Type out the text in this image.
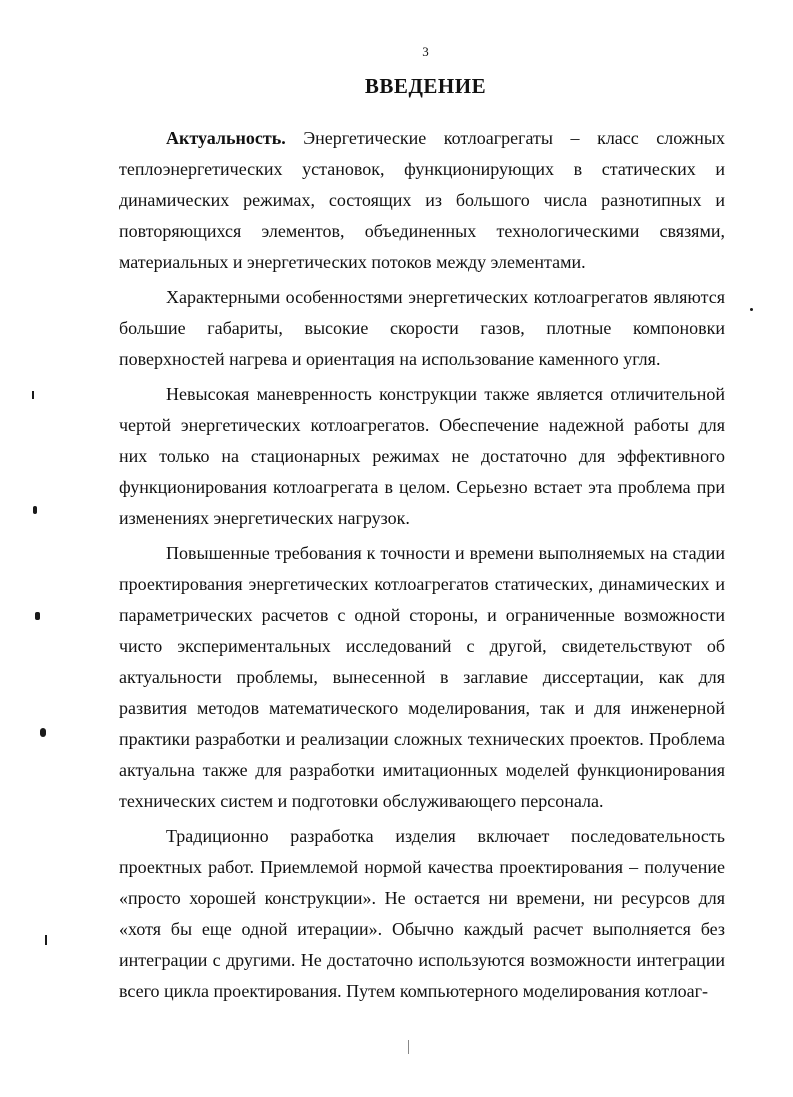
3
ВВЕДЕНИЕ

Актуальность. Энергетические котлоагрегаты – класс сложных теплоэнергетических установок, функционирующих в статических и динамических режимах, состоящих из большого числа разнотипных и повторяющихся элементов, объединенных технологическими связями, материальных и энергетических потоков между элементами.

Характерными особенностями энергетических котлоагрегатов являются большие габариты, высокие скорости газов, плотные компоновки поверхностей нагрева и ориентация на использование каменного угля.

Невысокая маневренность конструкции также является отличительной чертой энергетических котлоагрегатов. Обеспечение надежной работы для них только на стационарных режимах не достаточно для эффективного функционирования котлоагрегата в целом. Серьезно встает эта проблема при изменениях энергетических нагрузок.

Повышенные требования к точности и времени выполняемых на стадии проектирования энергетических котлоагрегатов статических, динамических и параметрических расчетов с одной стороны, и ограниченные возможности чисто экспериментальных исследований с другой, свидетельствуют об актуальности проблемы, вынесенной в заглавие диссертации, как для развития методов математического моделирования, так и для инженерной практики разработки и реализации сложных технических проектов. Проблема актуальна также для разработки имитационных моделей функционирования технических систем и подготовки обслуживающего персонала.

Традиционно разработка изделия включает последовательность проектных работ. Приемлемой нормой качества проектирования – получение «просто хорошей конструкции». Не остается ни времени, ни ресурсов для «хотя бы еще одной итерации». Обычно каждый расчет выполняется без интеграции с другими. Не достаточно используются возможности интеграции всего цикла проектирования. Путем компьютерного моделирования котлоаг-
